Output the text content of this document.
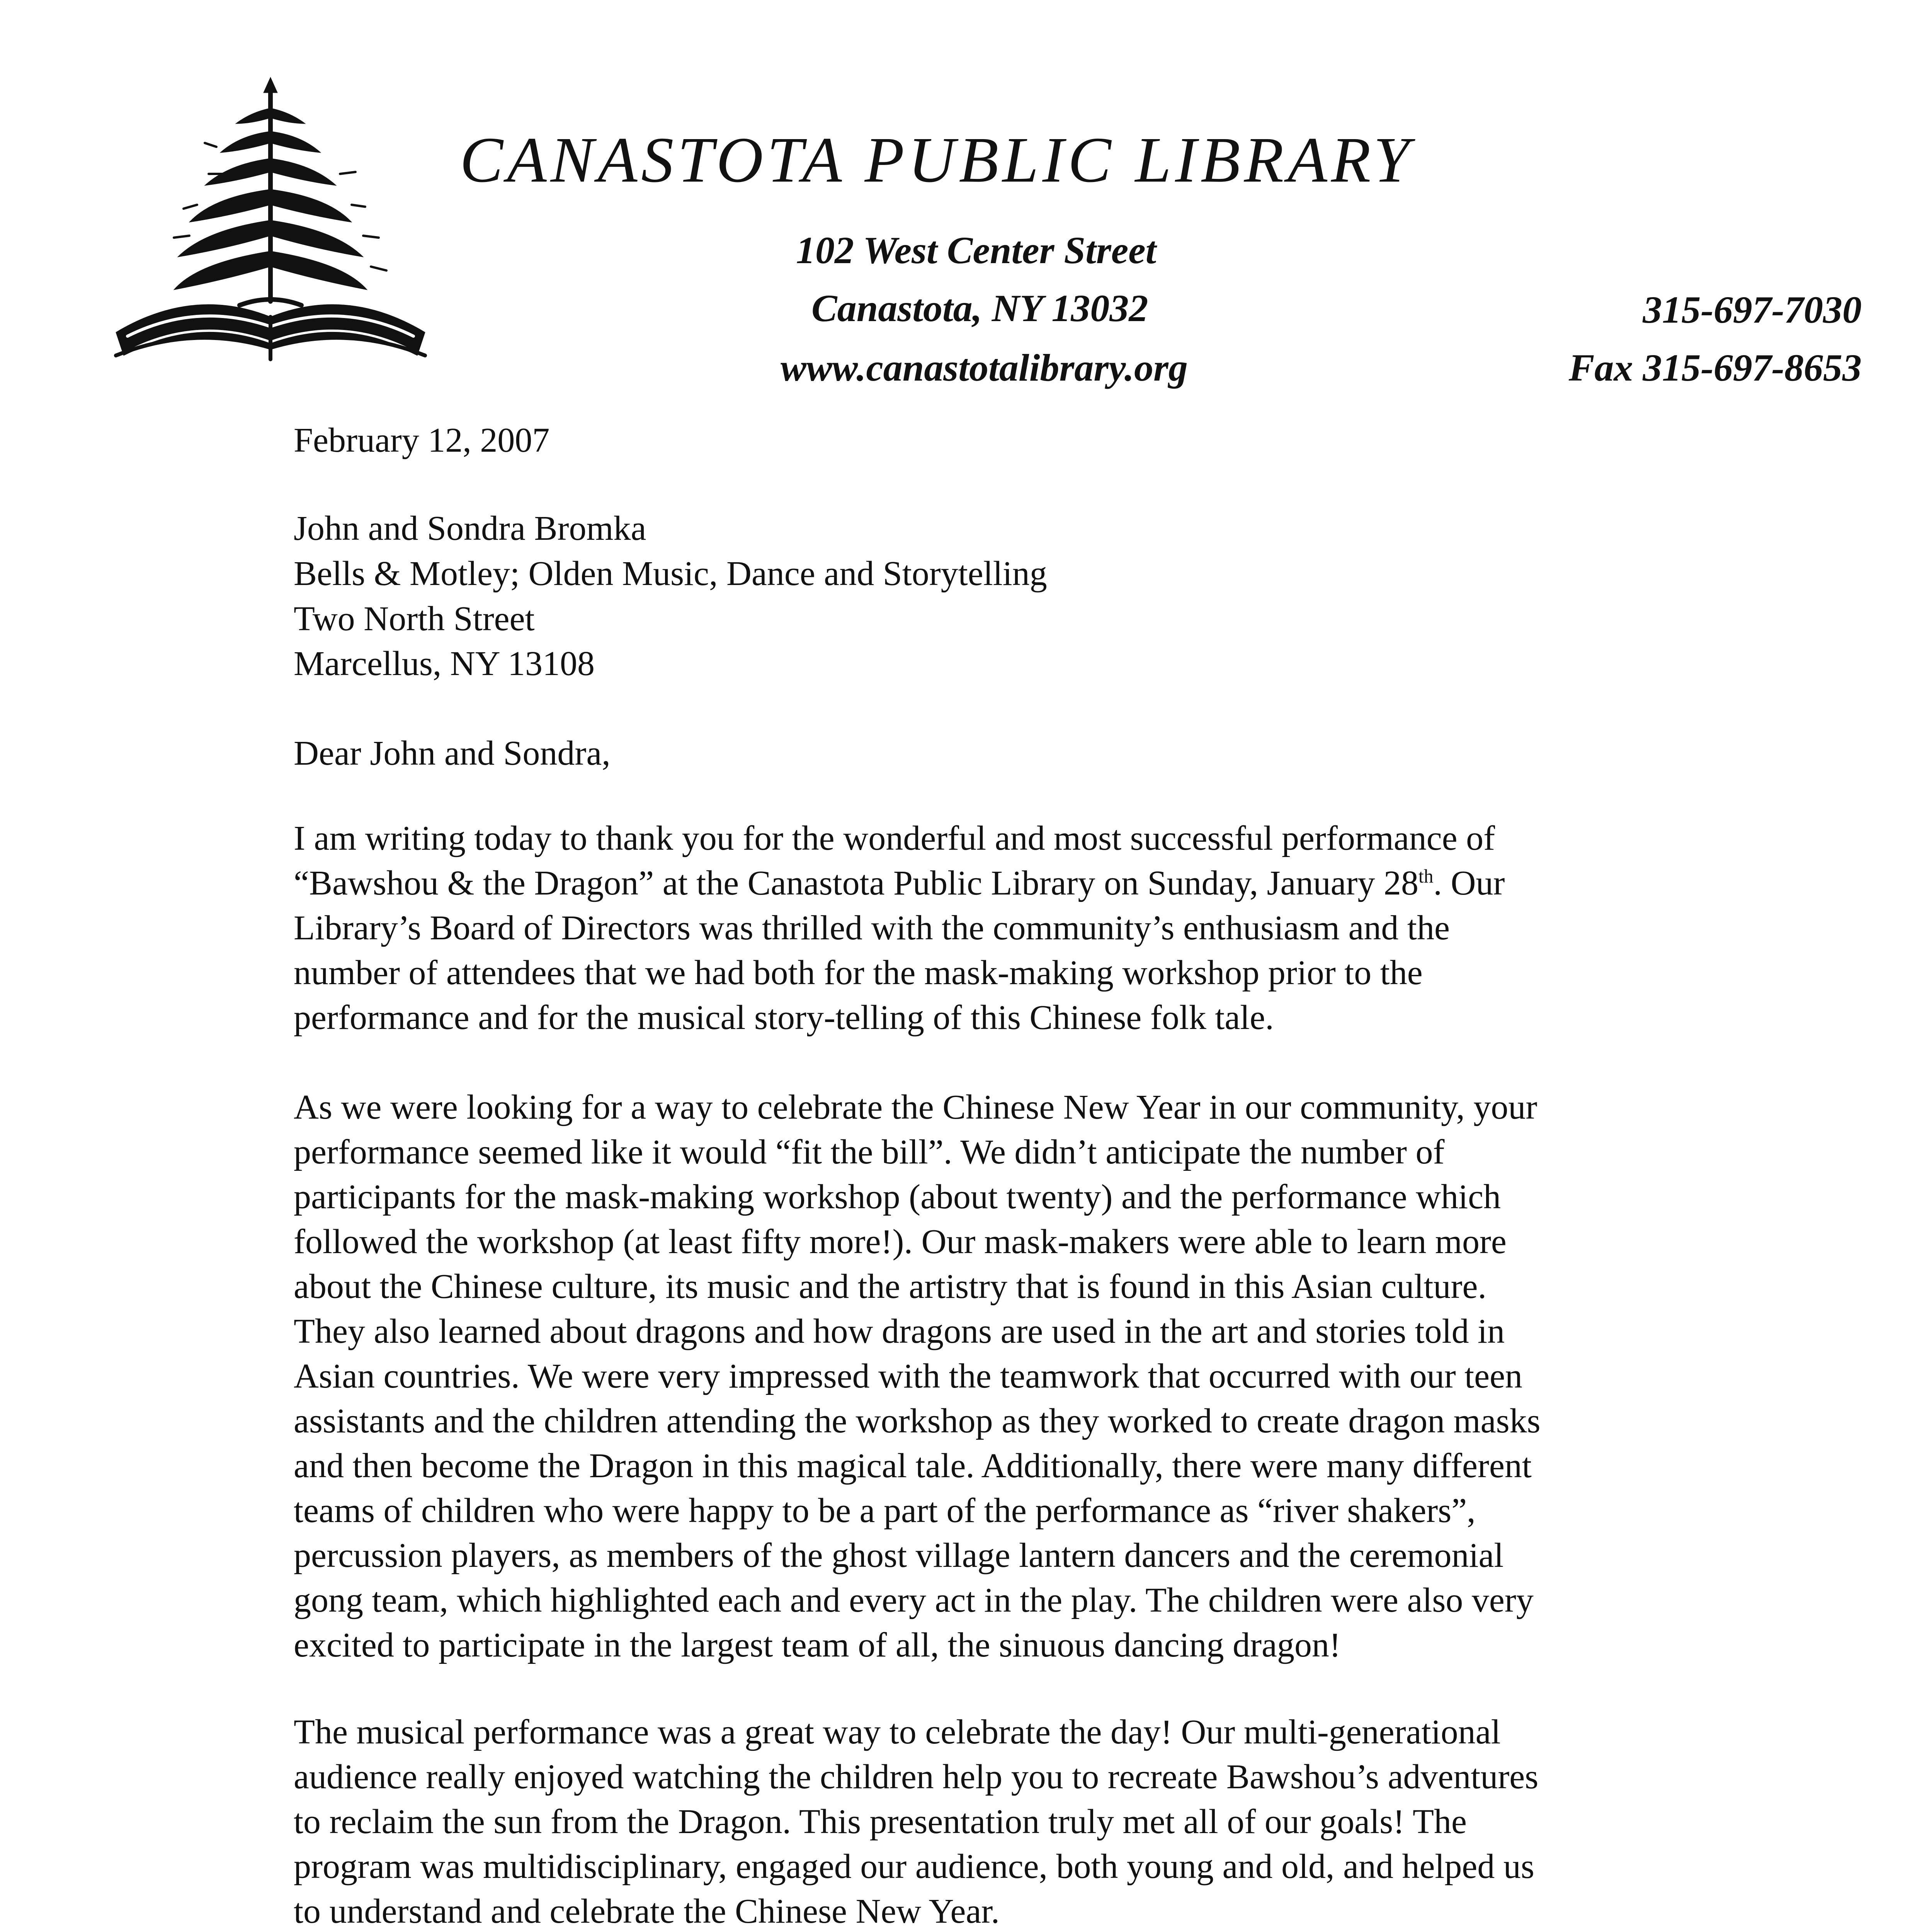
CANASTOTA PUBLIC LIBRARY
102 West Center Street
Canastota, NY 13032
www.canastotalibrary.org
315-697-7030
Fax 315-697-8653
February 12, 2007
John and Sondra Bromka
Bells & Motley; Olden Music, Dance and Storytelling
Two North Street
Marcellus, NY 13108
Dear John and Sondra,
I am writing today to thank you for the wonderful and most successful performance of
“Bawshou & the Dragon” at the Canastota Public Library on Sunday, January 28th. Our
Library’s Board of Directors was thrilled with the community’s enthusiasm and the
number of attendees that we had both for the mask-making workshop prior to the
performance and for the musical story-telling of this Chinese folk tale.
As we were looking for a way to celebrate the Chinese New Year in our community, your
performance seemed like it would “fit the bill”. We didn’t anticipate the number of
participants for the mask-making workshop (about twenty) and the performance which
followed the workshop (at least fifty more!). Our mask-makers were able to learn more
about the Chinese culture, its music and the artistry that is found in this Asian culture.
They also learned about dragons and how dragons are used in the art and stories told in
Asian countries. We were very impressed with the teamwork that occurred with our teen
assistants and the children attending the workshop as they worked to create dragon masks
and then become the Dragon in this magical tale. Additionally, there were many different
teams of children who were happy to be a part of the performance as “river shakers”,
percussion players, as members of the ghost village lantern dancers and the ceremonial
gong team, which highlighted each and every act in the play. The children were also very
excited to participate in the largest team of all, the sinuous dancing dragon!
The musical performance was a great way to celebrate the day! Our multi-generational
audience really enjoyed watching the children help you to recreate Bawshou’s adventures
to reclaim the sun from the Dragon. This presentation truly met all of our goals! The
program was multidisciplinary, engaged our audience, both young and old, and helped us
to understand and celebrate the Chinese New Year.
